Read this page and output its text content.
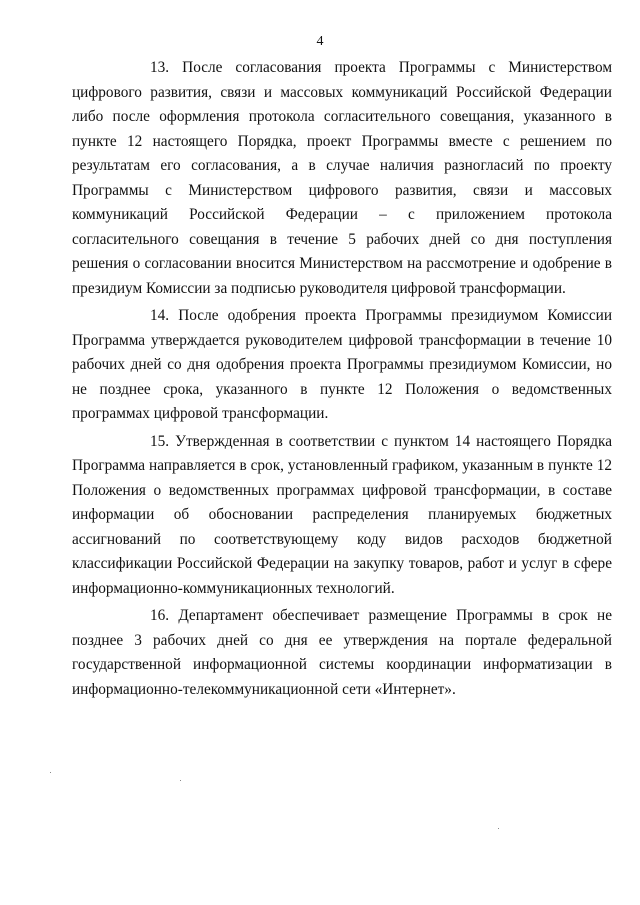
4

13. После согласования проекта Программы с Министерством цифрового развития, связи и массовых коммуникаций Российской Федерации либо после оформления протокола согласительного совещания, указанного в пункте 12 настоящего Порядка, проект Программы вместе с решением по результатам его согласования, а в случае наличия разногласий по проекту Программы с Министерством цифрового развития, связи и массовых коммуникаций Российской Федерации – с приложением протокола согласительного совещания в течение 5 рабочих дней со дня поступления решения о согласовании вносится Министерством на рассмотрение и одобрение в президиум Комиссии за подписью руководителя цифровой трансформации.

14. После одобрения проекта Программы президиумом Комиссии Программа утверждается руководителем цифровой трансформации в течение 10 рабочих дней со дня одобрения проекта Программы президиумом Комиссии, но не позднее срока, указанного в пункте 12 Положения о ведомственных программах цифровой трансформации.

15. Утвержденная в соответствии с пунктом 14 настоящего Порядка Программа направляется в срок, установленный графиком, указанным в пункте 12 Положения о ведомственных программах цифровой трансформации, в составе информации об обосновании распределения планируемых бюджетных ассигнований по соответствующему коду видов расходов бюджетной классификации Российской Федерации на закупку товаров, работ и услуг в сфере информационно-коммуникационных технологий.

16. Департамент обеспечивает размещение Программы в срок не позднее 3 рабочих дней со дня ее утверждения на портале федеральной государственной информационной системы координации информатизации в информационно-телекоммуникационной сети «Интернет».
